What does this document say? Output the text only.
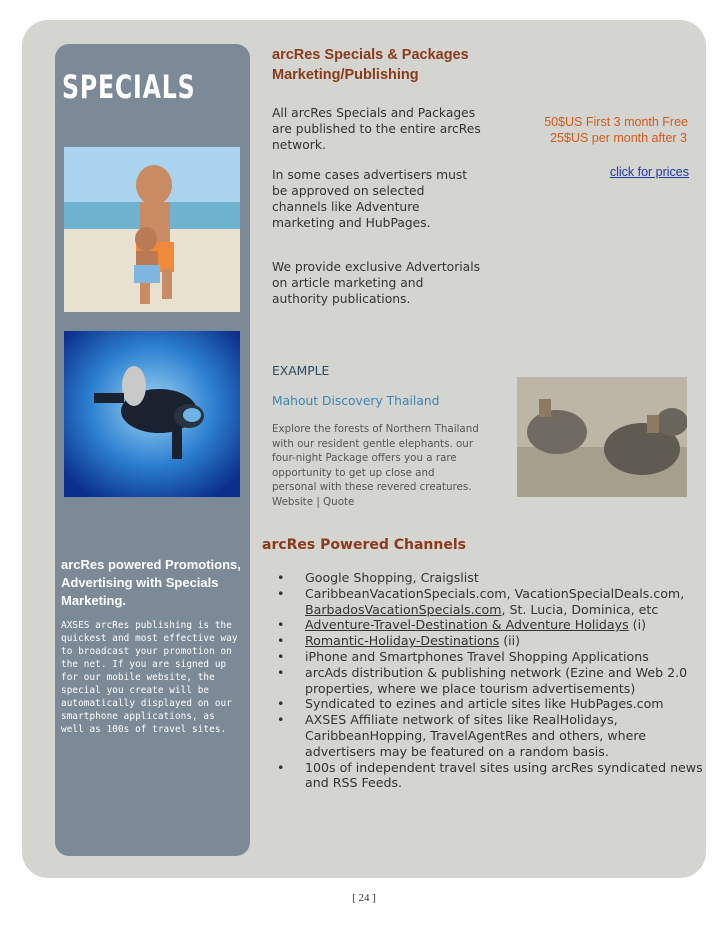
SPECIALS
arcRes powered Promotions, Advertising with Specials Marketing.
AXSES arcRes publishing is the quickest and most effective way to broadcast your promotion on the net. If you are signed up for our mobile website, the special you create will be automatically displayed on our smartphone applications, as well as 100s of travel sites.
arcRes Specials & Packages
Marketing/Publishing
All arcRes Specials and Packages are published to the entire arcRes network.
In some cases advertisers must be approved on selected channels like Adventure marketing and HubPages.
We provide exclusive Advertorials on article marketing and authority publications.
50$US First 3 month Free
25$US per month after 3
click for prices
EXAMPLE
Mahout Discovery Thailand
Explore the forests of Northern Thailand with our resident gentle elephants. our four-night Package offers you a rare opportunity to get up close and personal with these revered creatures. Website | Quote
arcRes Powered Channels
• Google Shopping, Craigslist
• CaribbeanVacationSpecials.com, VacationSpecialDeals.com, BarbadosVacationSpecials.com, St. Lucia, Dominica, etc
• Adventure-Travel-Destination & Adventure Holidays (i)
• Romantic-Holiday-Destinations (ii)
• iPhone and Smartphones Travel Shopping Applications
• arcAds distribution & publishing network (Ezine and Web 2.0 properties, where we place tourism advertisements)
• Syndicated to ezines and article sites like HubPages.com
• AXSES Affiliate network of sites like RealHolidays, CaribbeanHopping, TravelAgentRes and others, where advertisers may be featured on a random basis.
• 100s of independent travel sites using arcRes syndicated news and RSS Feeds.
[ 24 ]
